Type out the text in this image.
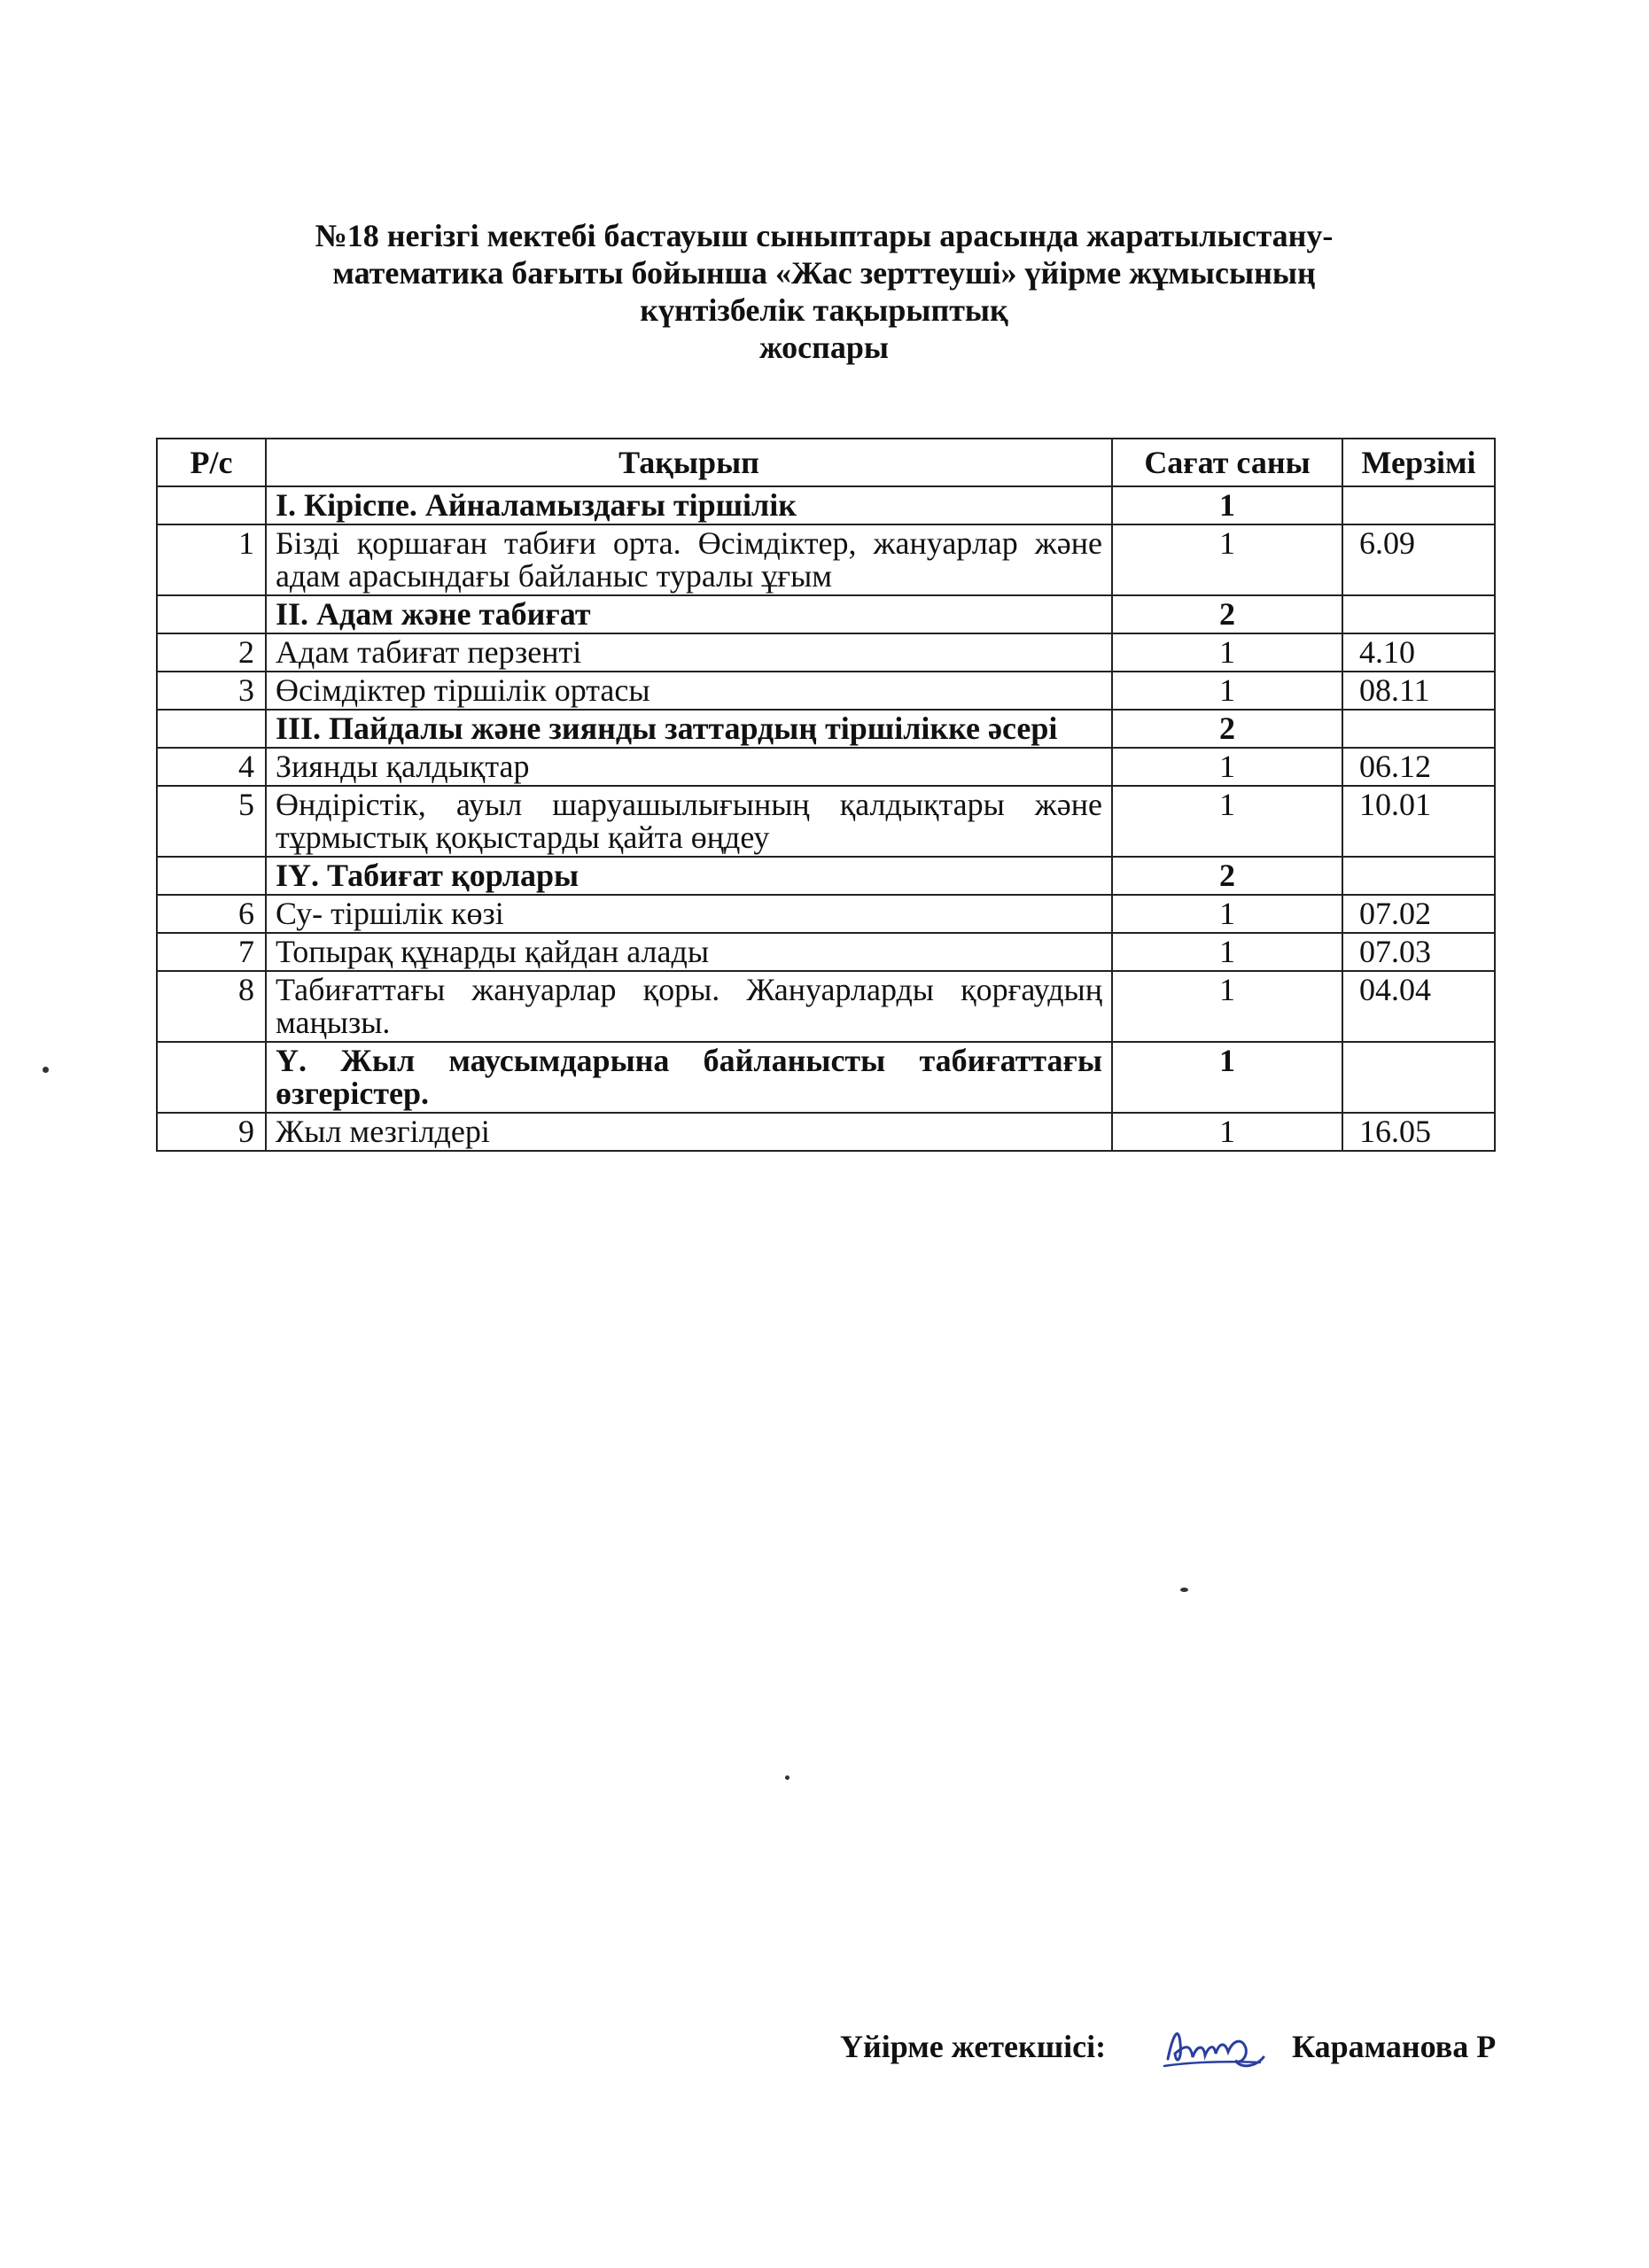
№18 негізгі мектебі бастауыш сыныптары арасында жаратылыстану-
математика бағыты бойынша «Жас зерттеуші» үйірме жұмысының
күнтізбелік тақырыптық
жоспары
Р/с	Тақырып	Сағат саны	Мерзімі
	І. Кіріспе. Айналамыздағы тіршілік	1	
1	Бізді қоршаған табиғи орта. Өсімдіктер, жануарлар және адам арасындағы байланыс туралы ұғым	1	6.09
	ІІ. Адам және табиғат	2	
2	Адам табиғат перзенті	1	4.10
3	Өсімдіктер тіршілік ортасы	1	08.11
	ІІІ. Пайдалы және зиянды заттардың тіршілікке әсері	2	
4	Зиянды қалдықтар	1	06.12
5	Өндірістік, ауыл шаруашылығының қалдықтары және тұрмыстық қоқыстарды қайта өңдеу	1	10.01
	ІҮ. Табиғат қорлары	2	
6	Су- тіршілік көзі	1	07.02
7	Топырақ құнарды қайдан алады	1	07.03
8	Табиғаттағы жануарлар қоры. Жануарларды қорғаудың маңызы.	1	04.04
	Ү. Жыл маусымдарына байланысты табиғаттағы өзгерістер.	1	
9	Жыл мезгілдері	1	16.05
Үйірме жетекшісі:	Караманова Р
